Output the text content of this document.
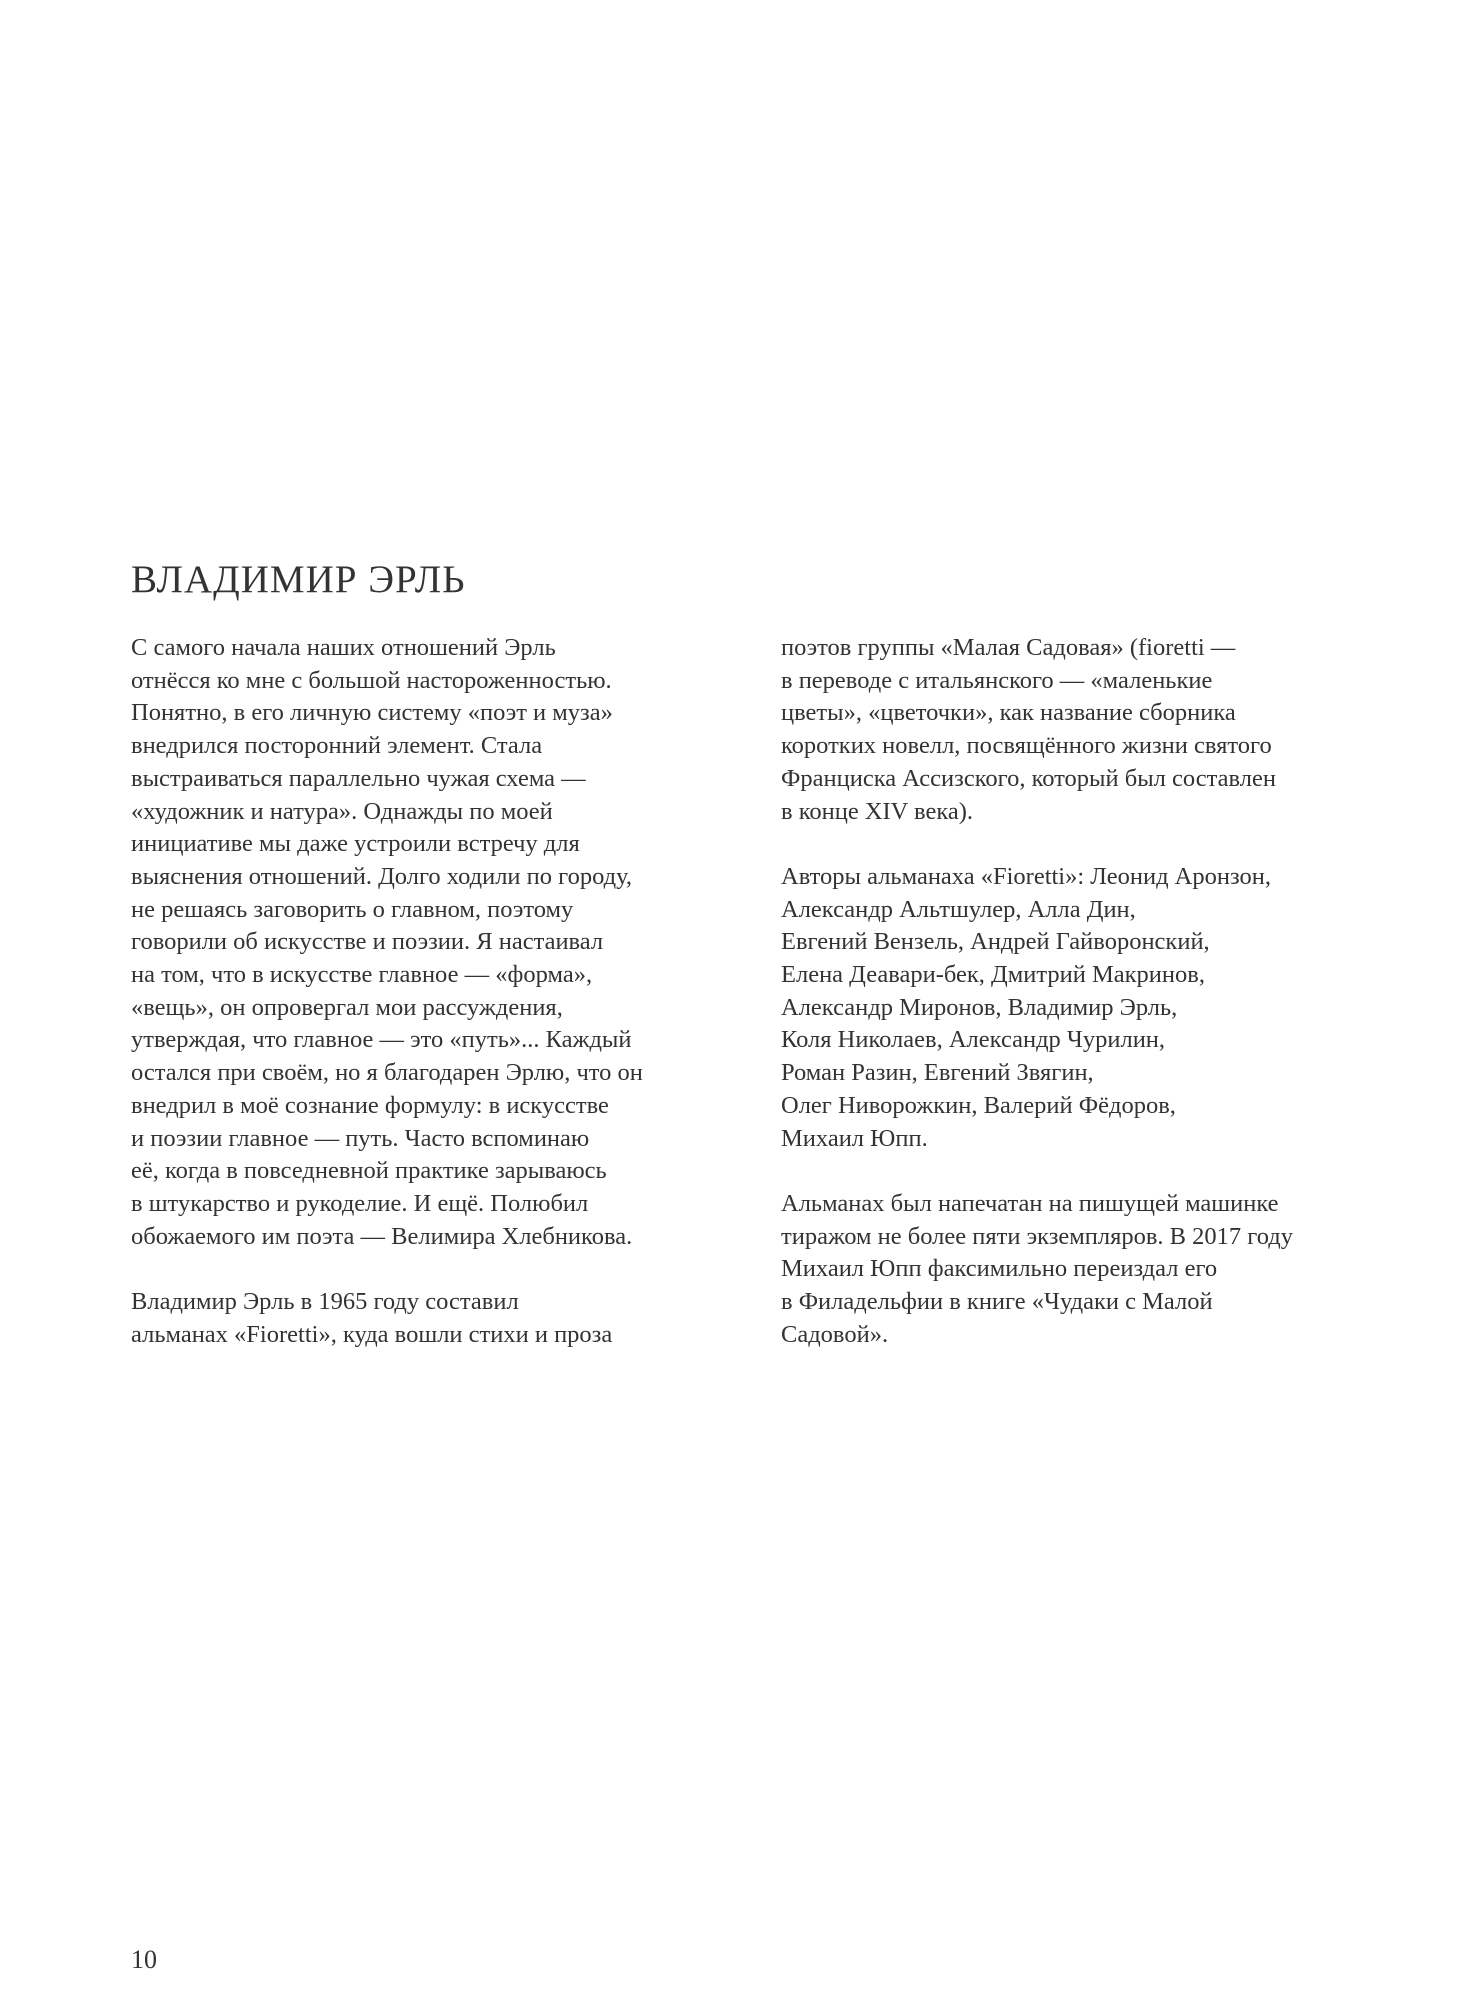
ВЛАДИМИР ЭРЛЬ

С самого начала наших отношений Эрль
отнёсся ко мне с большой настороженностью.
Понятно, в его личную систему «поэт и муза»
внедрился посторонний элемент. Стала
выстраиваться параллельно чужая схема —
«художник и натура». Однажды по моей
инициативе мы даже устроили встречу для
выяснения отношений. Долго ходили по городу,
не решаясь заговорить о главном, поэтому
говорили об искусстве и поэзии. Я настаивал
на том, что в искусстве главное — «форма»,
«вещь», он опровергал мои рассуждения,
утверждая, что главное — это «путь»... Каждый
остался при своём, но я благодарен Эрлю, что он
внедрил в моё сознание формулу: в искусстве
и поэзии главное — путь. Часто вспоминаю
её, когда в повседневной практике зарываюсь
в штукарство и рукоделие. И ещё. Полюбил
обожаемого им поэта — Велимира Хлебникова.

Владимир Эрль в 1965 году составил
альманах «Fioretti», куда вошли стихи и проза

поэтов группы «Малая Садовая» (fioretti —
в переводе с итальянского — «маленькие
цветы», «цветочки», как название сборника
коротких новелл, посвящённого жизни святого
Франциска Ассизского, который был составлен
в конце XIV века).

Авторы альманаха «Fioretti»: Леонид Аронзон,
Александр Альтшулер, Алла Дин,
Евгений Вензель, Андрей Гайворонский,
Елена Деавари-бек, Дмитрий Макринов,
Александр Миронов, Владимир Эрль,
Коля Николаев, Александр Чурилин,
Роман Разин, Евгений Звягин,
Олег Ниворожкин, Валерий Фёдоров,
Михаил Юпп.

Альманах был напечатан на пишущей машинке
тиражом не более пяти экземпляров. В 2017 году
Михаил Юпп факсимильно переиздал его
в Филадельфии в книге «Чудаки с Малой
Садовой».

10
